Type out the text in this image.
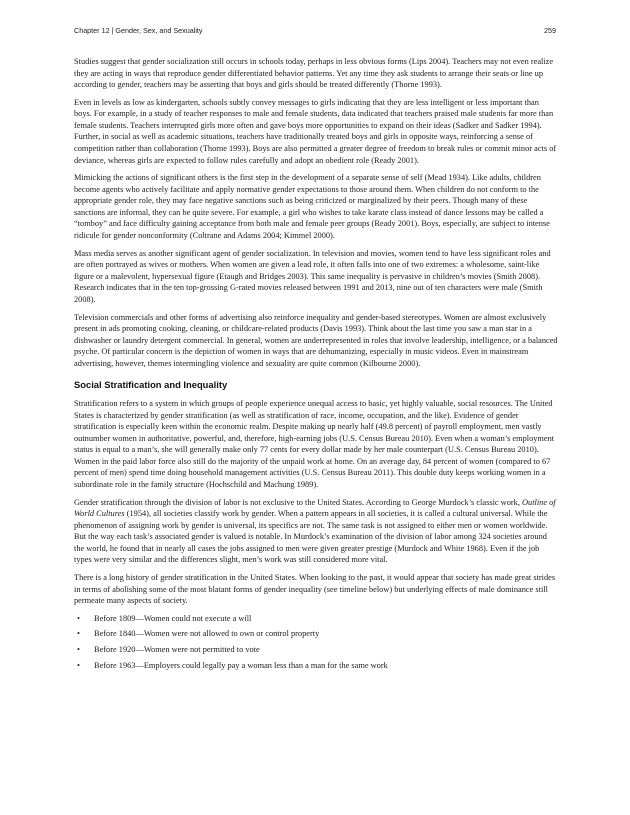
Chapter 12 | Gender, Sex, and Sexuality	259

Studies suggest that gender socialization still occurs in schools today, perhaps in less obvious forms (Lips 2004). Teachers may not even realize they are acting in ways that reproduce gender differentiated behavior patterns. Yet any time they ask students to arrange their seats or line up according to gender, teachers may be asserting that boys and girls should be treated differently (Thorne 1993).

Even in levels as low as kindergarten, schools subtly convey messages to girls indicating that they are less intelligent or less important than boys. For example, in a study of teacher responses to male and female students, data indicated that teachers praised male students far more than female students. Teachers interrupted girls more often and gave boys more opportunities to expand on their ideas (Sadker and Sadker 1994). Further, in social as well as academic situations, teachers have traditionally treated boys and girls in opposite ways, reinforcing a sense of competition rather than collaboration (Thorne 1993). Boys are also permitted a greater degree of freedom to break rules or commit minor acts of deviance, whereas girls are expected to follow rules carefully and adopt an obedient role (Ready 2001).

Mimicking the actions of significant others is the first step in the development of a separate sense of self (Mead 1934). Like adults, children become agents who actively facilitate and apply normative gender expectations to those around them. When children do not conform to the appropriate gender role, they may face negative sanctions such as being criticized or marginalized by their peers. Though many of these sanctions are informal, they can be quite severe. For example, a girl who wishes to take karate class instead of dance lessons may be called a “tomboy” and face difficulty gaining acceptance from both male and female peer groups (Ready 2001). Boys, especially, are subject to intense ridicule for gender nonconformity (Coltrane and Adams 2004; Kimmel 2000).

Mass media serves as another significant agent of gender socialization. In television and movies, women tend to have less significant roles and are often portrayed as wives or mothers. When women are given a lead role, it often falls into one of two extremes: a wholesome, saint-like figure or a malevolent, hypersexual figure (Etaugh and Bridges 2003). This same inequality is pervasive in children’s movies (Smith 2008). Research indicates that in the ten top-grossing G-rated movies released between 1991 and 2013, nine out of ten characters were male (Smith 2008).

Television commercials and other forms of advertising also reinforce inequality and gender-based stereotypes. Women are almost exclusively present in ads promoting cooking, cleaning, or childcare-related products (Davis 1993). Think about the last time you saw a man star in a dishwasher or laundry detergent commercial. In general, women are underrepresented in roles that involve leadership, intelligence, or a balanced psyche. Of particular concern is the depiction of women in ways that are dehumanizing, especially in music videos. Even in mainstream advertising, however, themes intermingling violence and sexuality are quite common (Kilbourne 2000).

Social Stratification and Inequality

Stratification refers to a system in which groups of people experience unequal access to basic, yet highly valuable, social resources. The United States is characterized by gender stratification (as well as stratification of race, income, occupation, and the like). Evidence of gender stratification is especially keen within the economic realm. Despite making up nearly half (49.8 percent) of payroll employment, men vastly outnumber women in authoritative, powerful, and, therefore, high-earning jobs (U.S. Census Bureau 2010). Even when a woman’s employment status is equal to a man’s, she will generally make only 77 cents for every dollar made by her male counterpart (U.S. Census Bureau 2010). Women in the paid labor force also still do the majority of the unpaid work at home. On an average day, 84 percent of women (compared to 67 percent of men) spend time doing household management activities (U.S. Census Bureau 2011). This double duty keeps working women in a subordinate role in the family structure (Hochschild and Machung 1989).

Gender stratification through the division of labor is not exclusive to the United States. According to George Murdock’s classic work, Outline of World Cultures (1954), all societies classify work by gender. When a pattern appears in all societies, it is called a cultural universal. While the phenomenon of assigning work by gender is universal, its specifics are not. The same task is not assigned to either men or women worldwide. But the way each task’s associated gender is valued is notable. In Murdock’s examination of the division of labor among 324 societies around the world, he found that in nearly all cases the jobs assigned to men were given greater prestige (Murdock and White 1968). Even if the job types were very similar and the differences slight, men’s work was still considered more vital.

There is a long history of gender stratification in the United States. When looking to the past, it would appear that society has made great strides in terms of abolishing some of the most blatant forms of gender inequality (see timeline below) but underlying effects of male dominance still permeate many aspects of society.

• Before 1809—Women could not execute a will
• Before 1840—Women were not allowed to own or control property
• Before 1920—Women were not permitted to vote
• Before 1963—Employers could legally pay a woman less than a man for the same work
